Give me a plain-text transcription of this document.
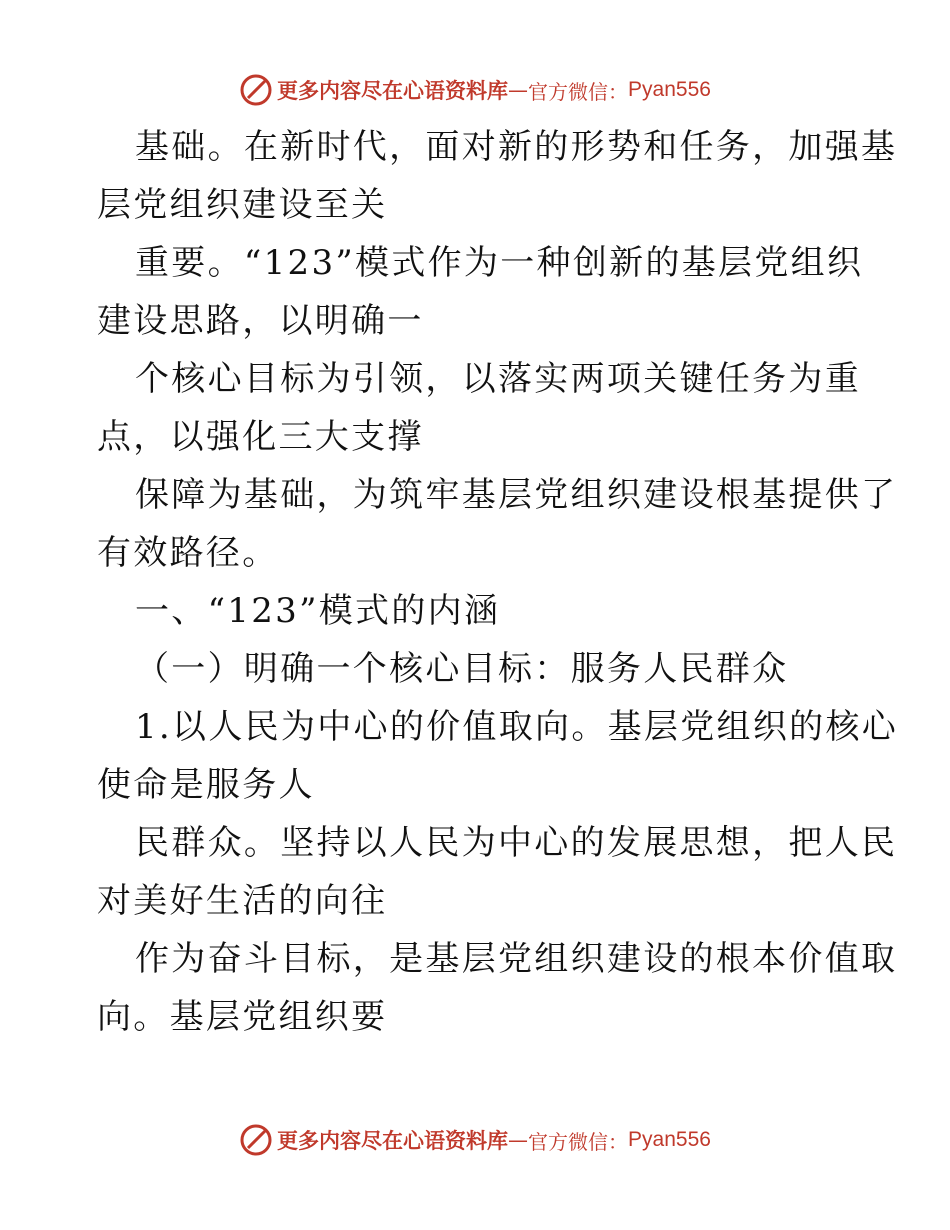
更多内容尽在心语资料库 — 官方微信： Pyan556
基础。在新时代，面对新的形势和任务，加强基
层党组织建设至关
重要。“123”模式作为一种创新的基层党组织
建设思路，以明确一
个核心目标为引领，以落实两项关键任务为重
点，以强化三大支撑
保障为基础，为筑牢基层党组织建设根基提供了
有效路径。
一、“123”模式的内涵
（一）明确一个核心目标：服务人民群众
1.以人民为中心的价值取向。基层党组织的核心
使命是服务人
民群众。坚持以人民为中心的发展思想，把人民
对美好生活的向往
作为奋斗目标，是基层党组织建设的根本价值取
向。基层党组织要
更多内容尽在心语资料库 — 官方微信： Pyan556
